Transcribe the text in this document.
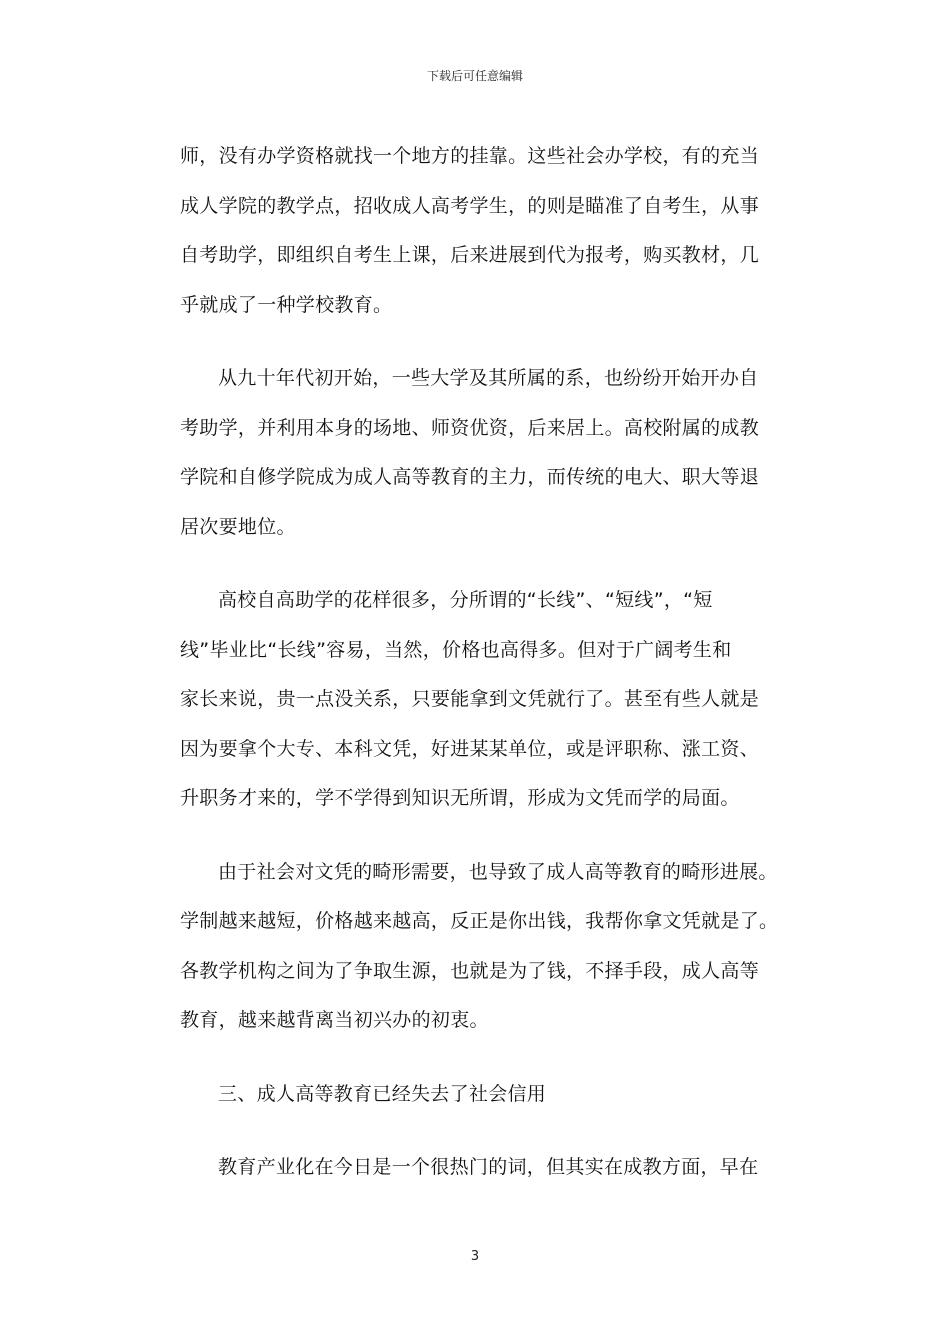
下载后可任意编辑
师，没有办学资格就找一个地方的挂靠。这些社会办学校，有的充当
成人学院的教学点，招收成人高考学生，的则是瞄准了自考生，从事
自考助学，即组织自考生上课，后来进展到代为报考，购买教材，几
乎就成了一种学校教育。
从九十年代初开始，一些大学及其所属的系，也纷纷开始开办自
考助学，并利用本身的场地、师资优资，后来居上。高校附属的成教
学院和自修学院成为成人高等教育的主力，而传统的电大、职大等退
居次要地位。
高校自高助学的花样很多，分所谓的“长线”、“短线”，“短
线”毕业比“长线”容易，当然，价格也高得多。但对于广阔考生和
家长来说，贵一点没关系，只要能拿到文凭就行了。甚至有些人就是
因为要拿个大专、本科文凭，好进某某单位，或是评职称、涨工资、
升职务才来的，学不学得到知识无所谓，形成为文凭而学的局面。
由于社会对文凭的畸形需要，也导致了成人高等教育的畸形进展。
学制越来越短，价格越来越高，反正是你出钱，我帮你拿文凭就是了。
各教学机构之间为了争取生源，也就是为了钱，不择手段，成人高等
教育，越来越背离当初兴办的初衷。
三、成人高等教育已经失去了社会信用
教育产业化在今日是一个很热门的词，但其实在成教方面，早在
3
